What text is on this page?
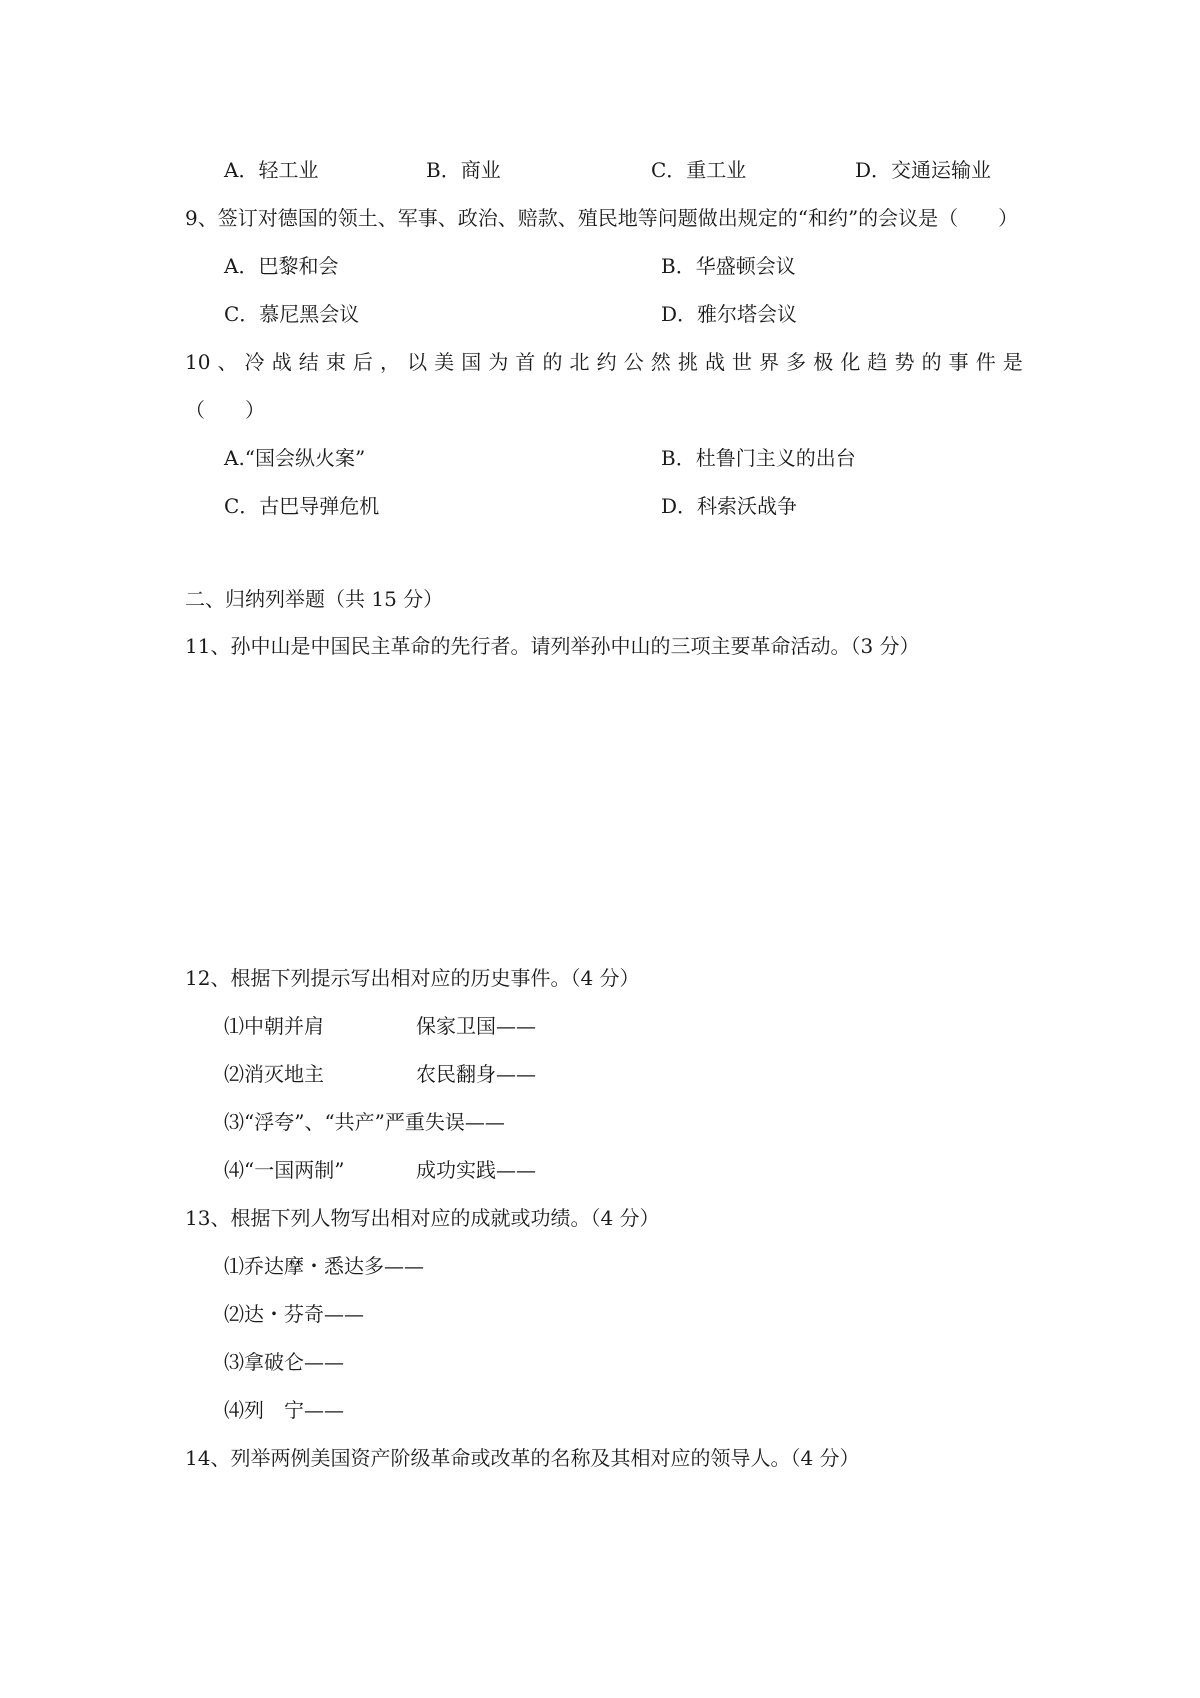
A．轻工业	B．商业	C．重工业	D．交通运输业
9、签订对德国的领土、军事、政治、赔款、殖民地等问题做出规定的“和约”的会议是（　　）
A．巴黎和会	B．华盛顿会议
C．慕尼黑会议	D．雅尔塔会议
10 、 冷 战 结 束 后 ， 以 美 国 为 首 的 北 约 公 然 挑 战 世 界 多 极 化 趋 势 的 事 件 是
（　　）
A.“国会纵火案”	B．杜鲁门主义的出台
C．古巴导弹危机	D．科索沃战争
二、归纳列举题（共 15 分）
11、孙中山是中国民主革命的先行者。请列举孙中山的三项主要革命活动。（3 分）
12、根据下列提示写出相对应的历史事件。（4 分）
⑴中朝并肩	保家卫国——
⑵消灭地主	农民翻身——
⑶“浮夸”、“共产”严重失误——
⑷“一国两制”	成功实践——
13、根据下列人物写出相对应的成就或功绩。（4 分）
⑴乔达摩・悉达多——
⑵达・芬奇——
⑶拿破仑——
⑷列　宁——
14、列举两例美国资产阶级革命或改革的名称及其相对应的领导人。（4 分）
